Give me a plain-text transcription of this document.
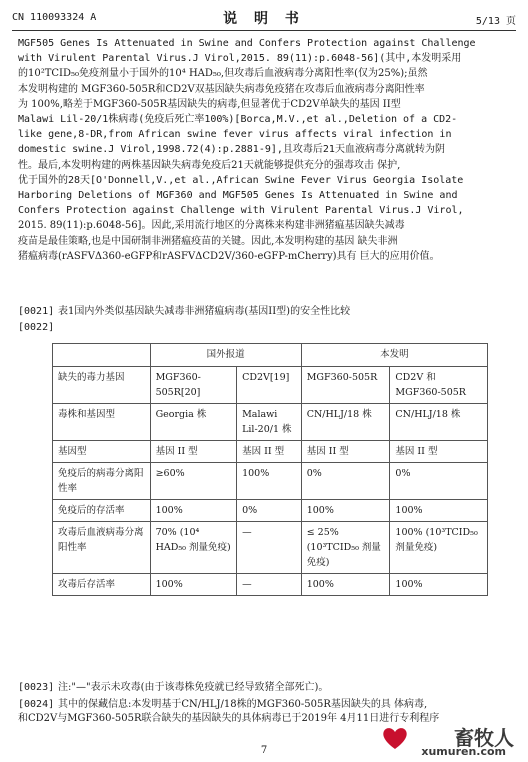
CN 110093324 A	说 明 书	5/13 页
MGF505 Genes Is Attenuated in Swine and Confers Protection against Challenge
with Virulent Parental Virus.J Virol,2015. 89(11):p.6048-56](其中,本发明采用
的10²TCID₅₀免疫剂量小于国外的10⁴ HAD₅₀,但攻毒后血液病毒分离阳性率(仅为25%);虽然
本发明构建的 MGF360-505R和CD2V双基因缺失病毒免疫猪在攻毒后血液病毒分离阳性率
为 100%,略差于MGF360-505R基因缺失的病毒,但显著优于CD2V单缺失的基因 II型
Malawi Lil-20/1株病毒(免疫后死亡率100%)[Borca,M.V.,et al.,Deletion of a CD2-
like gene,8-DR,from African swine fever virus affects viral infection in
domestic swine.J Virol,1998.72(4):p.2881-9],且攻毒后21天血液病毒分离就转为阴
性。最后,本发明构建的两株基因缺失病毒免疫后21天就能够提供充分的强毒攻击 保护,
优于国外的28天[O'Donnell,V.,et al.,African Swine Fever Virus Georgia Isolate
Harboring Deletions of MGF360 and MGF505 Genes Is Attenuated in Swine and
Confers Protection against Challenge with Virulent Parental Virus.J Virol,
2015. 89(11):p.6048-56]。因此,采用流行地区的分离株来构建非洲猪瘟基因缺失减毒
疫苗是最佳策略,也是中国研制非洲猪瘟疫苗的关键。因此,本发明构建的基因 缺失非洲
猪瘟病毒(rASFVΔ360-eGFP和rASFVΔCD2V/360-eGFP-mCherry)具有 巨大的应用价值。
[0021] 表1国内外类似基因缺失减毒非洲猪瘟病毒(基因II型)的安全性比较
[0022]
	国外报道		本发明	
缺失的毒力基因	MGF360-505R[20]	CD2V[19]	MGF360-505R	CD2V 和 MGF360-505R
毒株和基因型	Georgia 株	Malawi Lil-20/1 株	CN/HLJ/18 株	CN/HLJ/18 株
基因型	基因 II 型	基因 II 型	基因 II 型	基因 II 型
免疫后的病毒分离阳性率	≥60%	100%	0%	0%
免疫后的存活率	100%	0%	100%	100%
攻毒后血液病毒分离阳性率	70% (10⁴ HAD₅₀ 剂量免疫)	—	≤ 25%(10³TCID₅₀ 剂量免疫)	100% (10³TCID₅₀ 剂量免疫)
攻毒后存活率	100%	—	100%	100%
[0023] 注:"—"表示未攻毒(由于该毒株免疫就已经导致猪全部死亡)。
[0024] 其中的保藏信息:本发明基于CN/HLJ/18株的MGF360-505R基因缺失的具 体病毒,
和CD2V与MGF360-505R联合缺失的基因缺失的具体病毒已于2019年 4月11日进行专利程序
7
畜牧人
xumuren.com
